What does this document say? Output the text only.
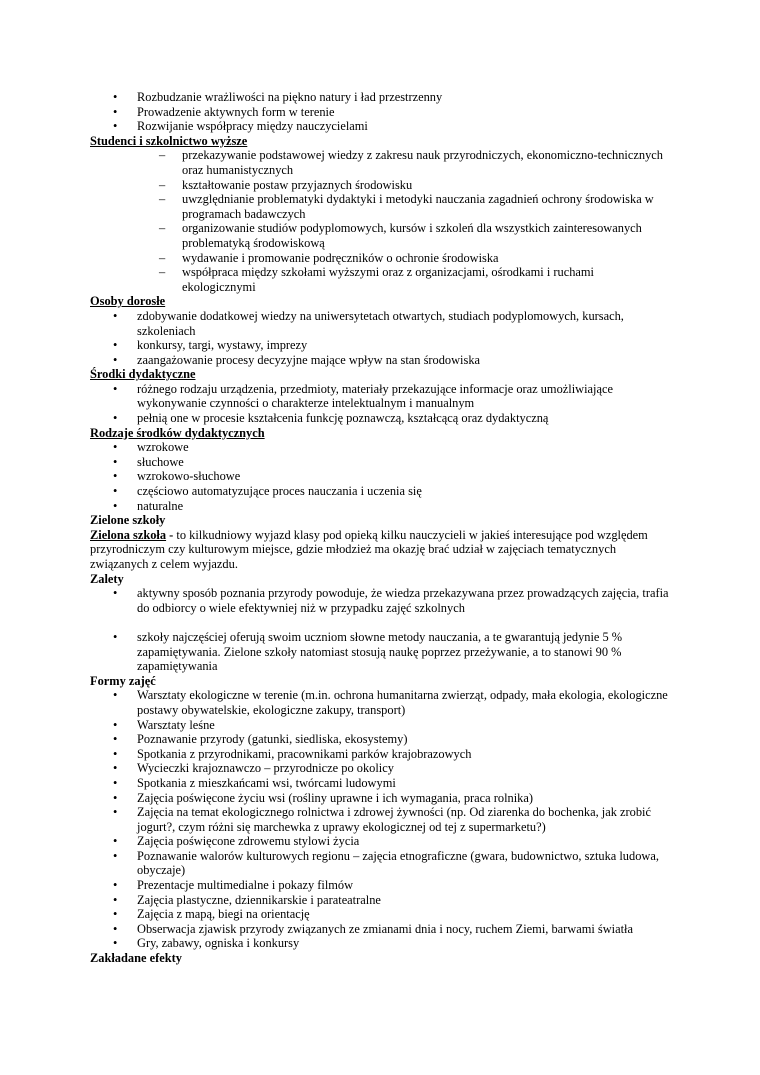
• Rozbudzanie wrażliwości na piękno natury i ład przestrzenny
• Prowadzenie aktywnych form w terenie
• Rozwijanie współpracy między nauczycielami
Studenci i szkolnictwo wyższe
– przekazywanie podstawowej wiedzy z zakresu nauk przyrodniczych, ekonomiczno-technicznych oraz humanistycznych
– kształtowanie postaw przyjaznych środowisku
– uwzględnianie problematyki dydaktyki i metodyki nauczania zagadnień ochrony środowiska w programach badawczych
– organizowanie studiów podyplomowych, kursów i szkoleń dla wszystkich zainteresowanych problematyką środowiskową
– wydawanie i promowanie podręczników o ochronie środowiska
– współpraca między szkołami wyższymi oraz z organizacjami, ośrodkami i ruchami ekologicznymi
Osoby dorosłe
• zdobywanie dodatkowej wiedzy na uniwersytetach otwartych, studiach podyplomowych, kursach, szkoleniach
• konkursy, targi, wystawy, imprezy
• zaangażowanie procesy decyzyjne mające wpływ na stan środowiska
Środki dydaktyczne
• różnego rodzaju urządzenia, przedmioty, materiały przekazujące informacje oraz umożliwiające wykonywanie czynności o charakterze intelektualnym i manualnym
• pełnią one w procesie kształcenia funkcję poznawczą, kształcącą oraz dydaktyczną
Rodzaje środków dydaktycznych
• wzrokowe
• słuchowe
• wzrokowo-słuchowe
• częściowo automatyzujące proces nauczania i uczenia się
• naturalne
Zielone szkoły

Zielona szkoła - to kilkudniowy wyjazd klasy pod opieką kilku nauczycieli w jakieś interesujące pod względem przyrodniczym czy kulturowym miejsce, gdzie młodzież ma okazję brać udział w zajęciach tematycznych związanych z celem wyjazdu.

Zalety
• aktywny sposób poznania przyrody powoduje, że wiedza przekazywana przez prowadzących zajęcia, trafia do odbiorcy o wiele efektywniej niż w przypadku zajęć szkolnych
• szkoły najczęściej oferują swoim uczniom słowne metody nauczania, a te gwarantują jedynie 5 % zapamiętywania. Zielone szkoły natomiast stosują naukę poprzez przeżywanie, a to stanowi 90 % zapamiętywania
Formy zajęć
• Warsztaty ekologiczne w terenie (m.in. ochrona humanitarna zwierząt, odpady, mała ekologia, ekologiczne postawy obywatelskie, ekologiczne zakupy, transport)
• Warsztaty leśne
• Poznawanie przyrody (gatunki, siedliska, ekosystemy)
• Spotkania z przyrodnikami, pracownikami parków krajobrazowych
• Wycieczki krajoznawczo – przyrodnicze po okolicy
• Spotkania z mieszkańcami wsi, twórcami ludowymi
• Zajęcia poświęcone życiu wsi (rośliny uprawne i ich wymagania, praca rolnika)
• Zajęcia na temat ekologicznego rolnictwa i zdrowej żywności (np. Od ziarenka do bochenka, jak zrobić jogurt?, czym różni się marchewka z uprawy ekologicznej od tej z supermarketu?)
• Zajęcia poświęcone zdrowemu stylowi życia
• Poznawanie walorów kulturowych regionu – zajęcia etnograficzne (gwara, budownictwo, sztuka ludowa, obyczaje)
• Prezentacje multimedialne i pokazy filmów
• Zajęcia plastyczne, dziennikarskie i parateatralne
• Zajęcia z mapą, biegi na orientację
• Obserwacja zjawisk przyrody związanych ze zmianami dnia i nocy, ruchem Ziemi, barwami światła
• Gry, zabawy, ogniska i konkursy
Zakładane efekty
